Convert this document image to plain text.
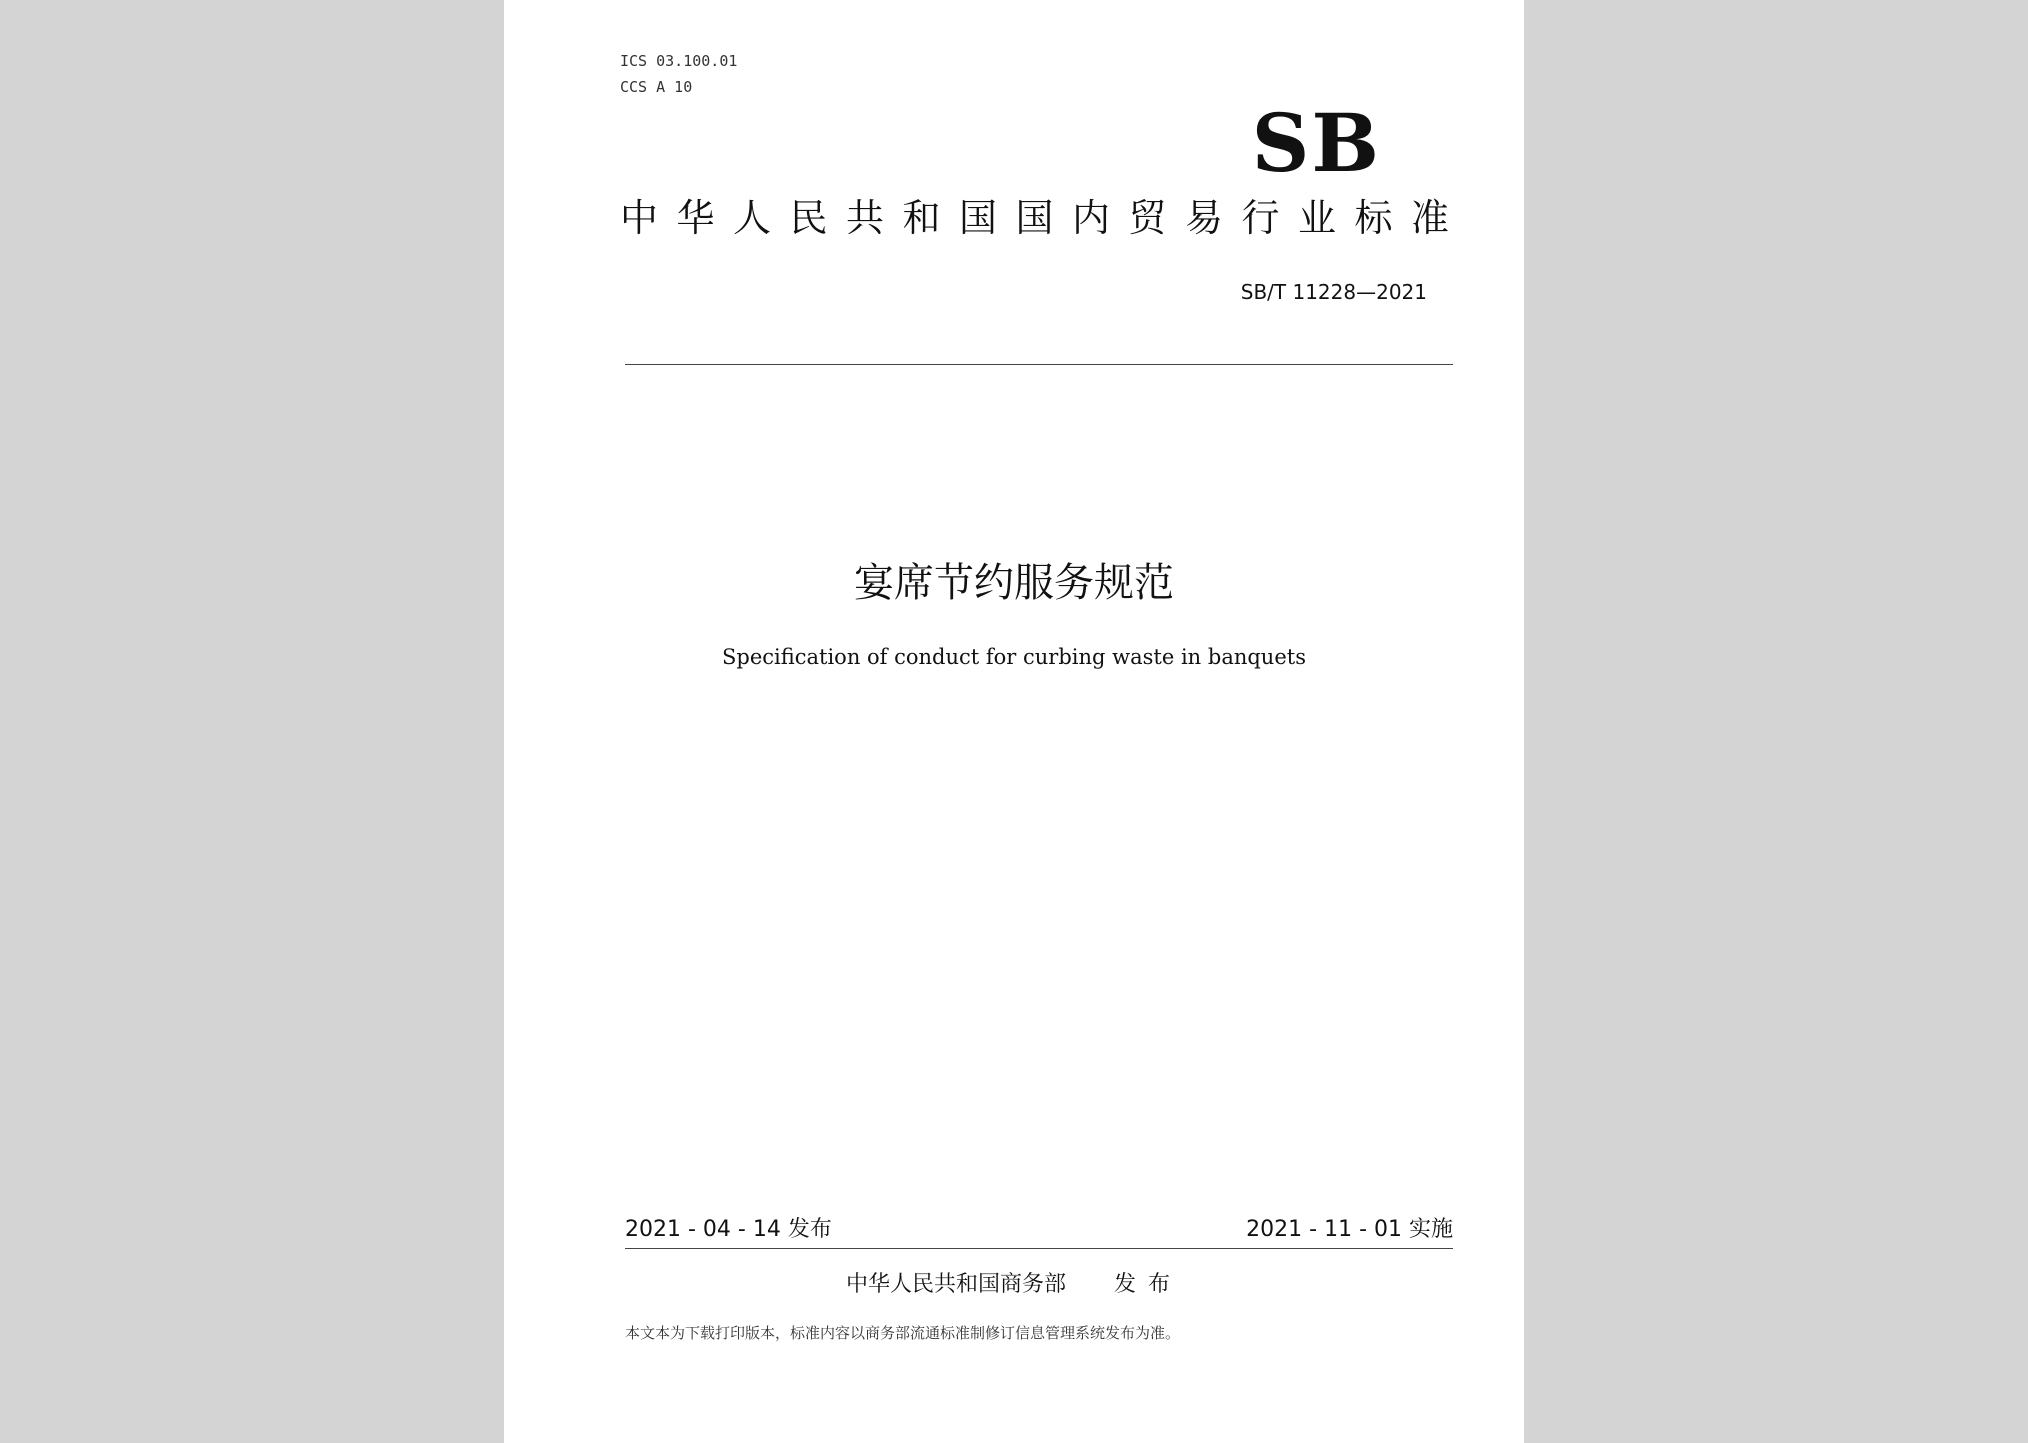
ICS 03.100.01
CCS A 10
SB
中华人民共和国国内贸易行业标准
SB/T 11228—2021
宴席节约服务规范
Specification of conduct for curbing waste in banquets
2021 - 04 - 14 发布	2021 - 11 - 01 实施
中华人民共和国商务部 发布
本文本为下载打印版本，标准内容以商务部流通标准制修订信息管理系统发布为准。
